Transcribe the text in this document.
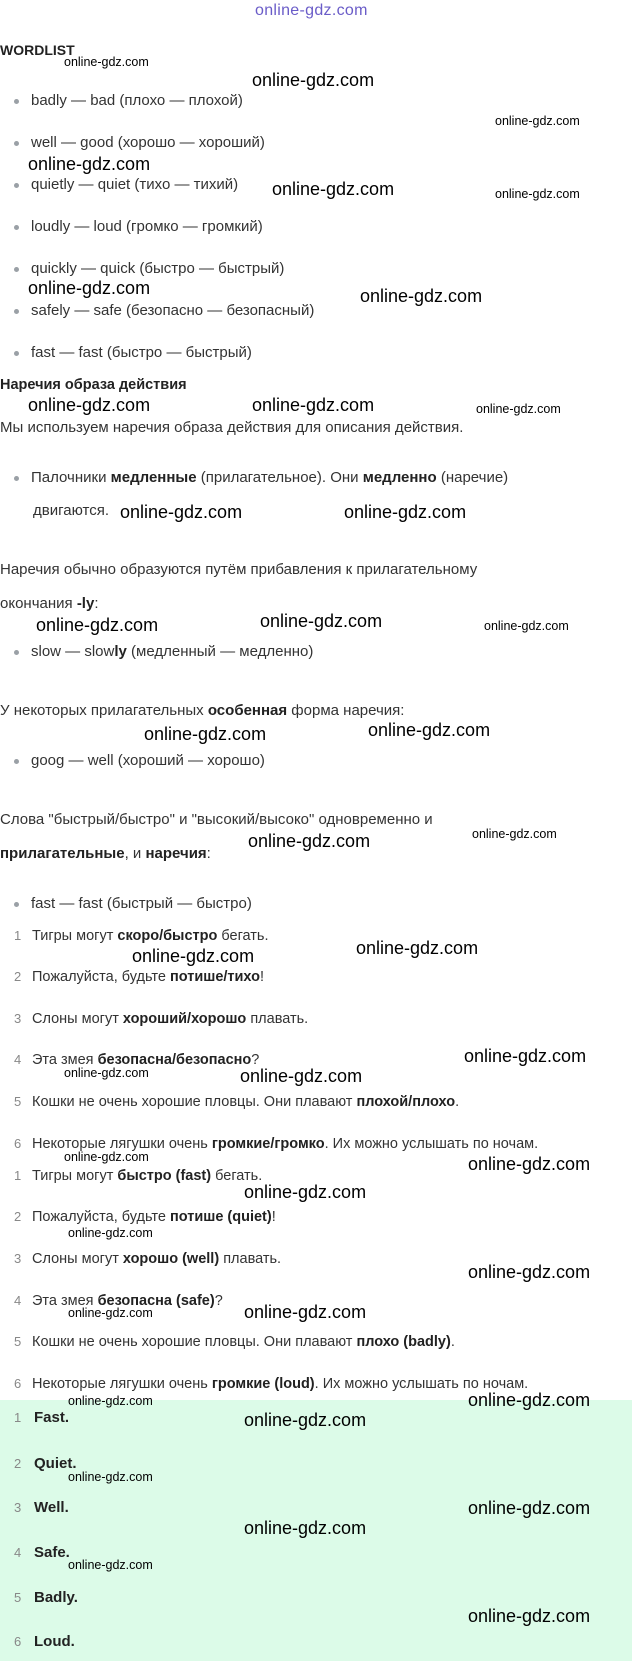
online-gdz.com
WORDLIST
badly — bad (плохо — плохой)
well — good (хорошо — хороший)
quietly — quiet (тихо — тихий)
loudly — loud (громко — громкий)
quickly — quick (быстро — быстрый)
safely — safe (безопасно — безопасный)
fast — fast (быстро — быстрый)
Наречия образа действия
Мы используем наречия образа действия для описания действия.
Палочники медленные (прилагательное). Они медленно (наречие)
двигаются.
Наречия обычно образуются путём прибавления к прилагательному
окончания -ly:
slow — slowly (медленный — медленно)
У некоторых прилагательных особенная форма наречия:
goog — well (хороший — хорошо)
Слова "быстрый/быстро" и "высокий/высоко" одновременно и
прилагательные, и наречия:
fast — fast (быстрый — быстро)
1 Тигры могут скоро/быстро бегать.
2 Пожалуйста, будьте потише/тихо!
3 Слоны могут хороший/хорошо плавать.
4 Эта змея безопасна/безопасно?
5 Кошки не очень хорошие пловцы. Они плавают плохой/плохо.
6 Некоторые лягушки очень громкие/громко. Их можно услышать по ночам.
1 Тигры могут быстро (fast) бегать.
2 Пожалуйста, будьте потише (quiet)!
3 Слоны могут хорошо (well) плавать.
4 Эта змея безопасна (safe)?
5 Кошки не очень хорошие пловцы. Они плавают плохо (badly).
6 Некоторые лягушки очень громкие (loud). Их можно услышать по ночам.
1 Fast.
2 Quiet.
3 Well.
4 Safe.
5 Badly.
6 Loud.
online-gdz.com
online-gdz.com
online-gdz.com
online-gdz.com
online-gdz.com	online-gdz.com
online-gdz.com	online-gdz.com
online-gdz.com	online-gdz.com	online-gdz.com
online-gdz.com	online-gdz.com
online-gdz.com	online-gdz.com	online-gdz.com
online-gdz.com	online-gdz.com
online-gdz.com
online-gdz.com
online-gdz.com	online-gdz.com
online-gdz.com
online-gdz.com	online-gdz.com
online-gdz.com	online-gdz.com
online-gdz.com
online-gdz.com
online-gdz.com
online-gdz.com	online-gdz.com
online-gdz.com	online-gdz.com
online-gdz.com
online-gdz.com
online-gdz.com
online-gdz.com
online-gdz.com
online-gdz.com
